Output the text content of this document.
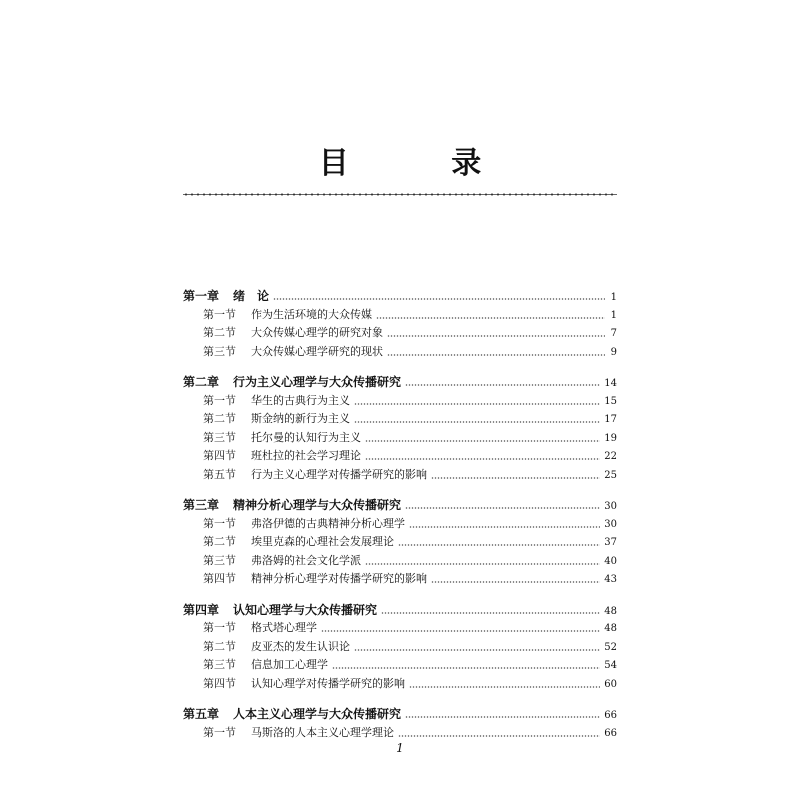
目 录
第一章	绪　论	1
第一节	作为生活环境的大众传媒	1
第二节	大众传媒心理学的研究对象	7
第三节	大众传媒心理学研究的现状	9
第二章	行为主义心理学与大众传播研究	14
第一节	华生的古典行为主义	15
第二节	斯金纳的新行为主义	17
第三节	托尔曼的认知行为主义	19
第四节	班杜拉的社会学习理论	22
第五节	行为主义心理学对传播学研究的影响	25
第三章	精神分析心理学与大众传播研究	30
第一节	弗洛伊德的古典精神分析心理学	30
第二节	埃里克森的心理社会发展理论	37
第三节	弗洛姆的社会文化学派	40
第四节	精神分析心理学对传播学研究的影响	43
第四章	认知心理学与大众传播研究	48
第一节	格式塔心理学	48
第二节	皮亚杰的发生认识论	52
第三节	信息加工心理学	54
第四节	认知心理学对传播学研究的影响	60
第五章	人本主义心理学与大众传播研究	66
第一节	马斯洛的人本主义心理学理论	66
1
